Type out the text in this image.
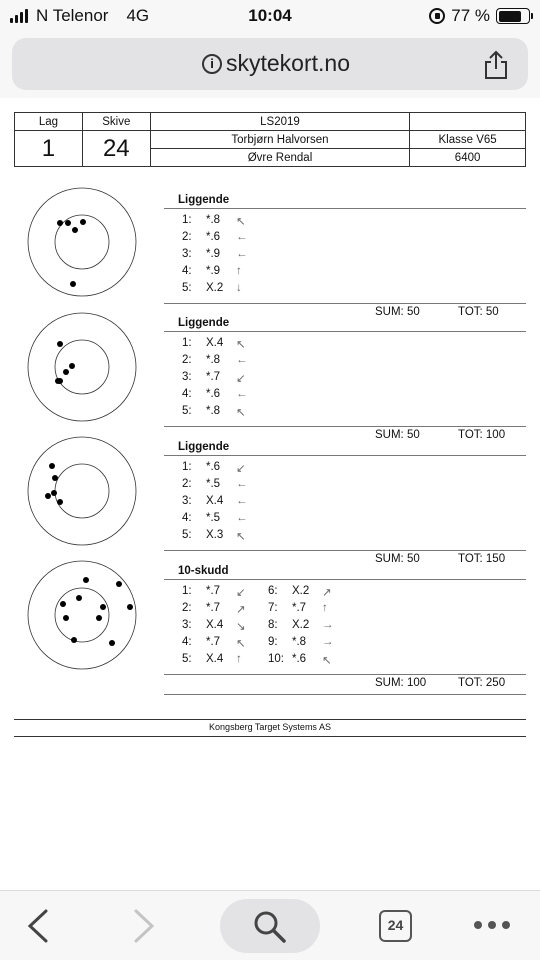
N Telenor 4G	10:04	77 %
i skytekort.no
Lag	Skive	LS2019	
1	24	Torbjørn Halvorsen	Klasse V65
		Øvre Rendal	6400
Liggende
1:	*.8	↖
2:	*.6	←
3:	*.9	←
4:	*.9	↑
5:	X.2	↓
SUM: 50	TOT: 50
Liggende
1:	X.4	↖
2:	*.8	←
3:	*.7	↙
4:	*.6	←
5:	*.8	↖
SUM: 50	TOT: 100
Liggende
1:	*.6	↙
2:	*.5	←
3:	X.4	←
4:	*.5	←
5:	X.3	↖
SUM: 50	TOT: 150
10-skudd
1:	*.7	↙
2:	*.7	↗
3:	X.4	↘
4:	*.7	↖
5:	X.4	↑
6:	X.2	↗
7:	*.7	↑
8:	X.2	→
9:	*.8	→
10: *.6	↖
SUM: 100	TOT: 250
Kongsberg Target Systems AS
24
